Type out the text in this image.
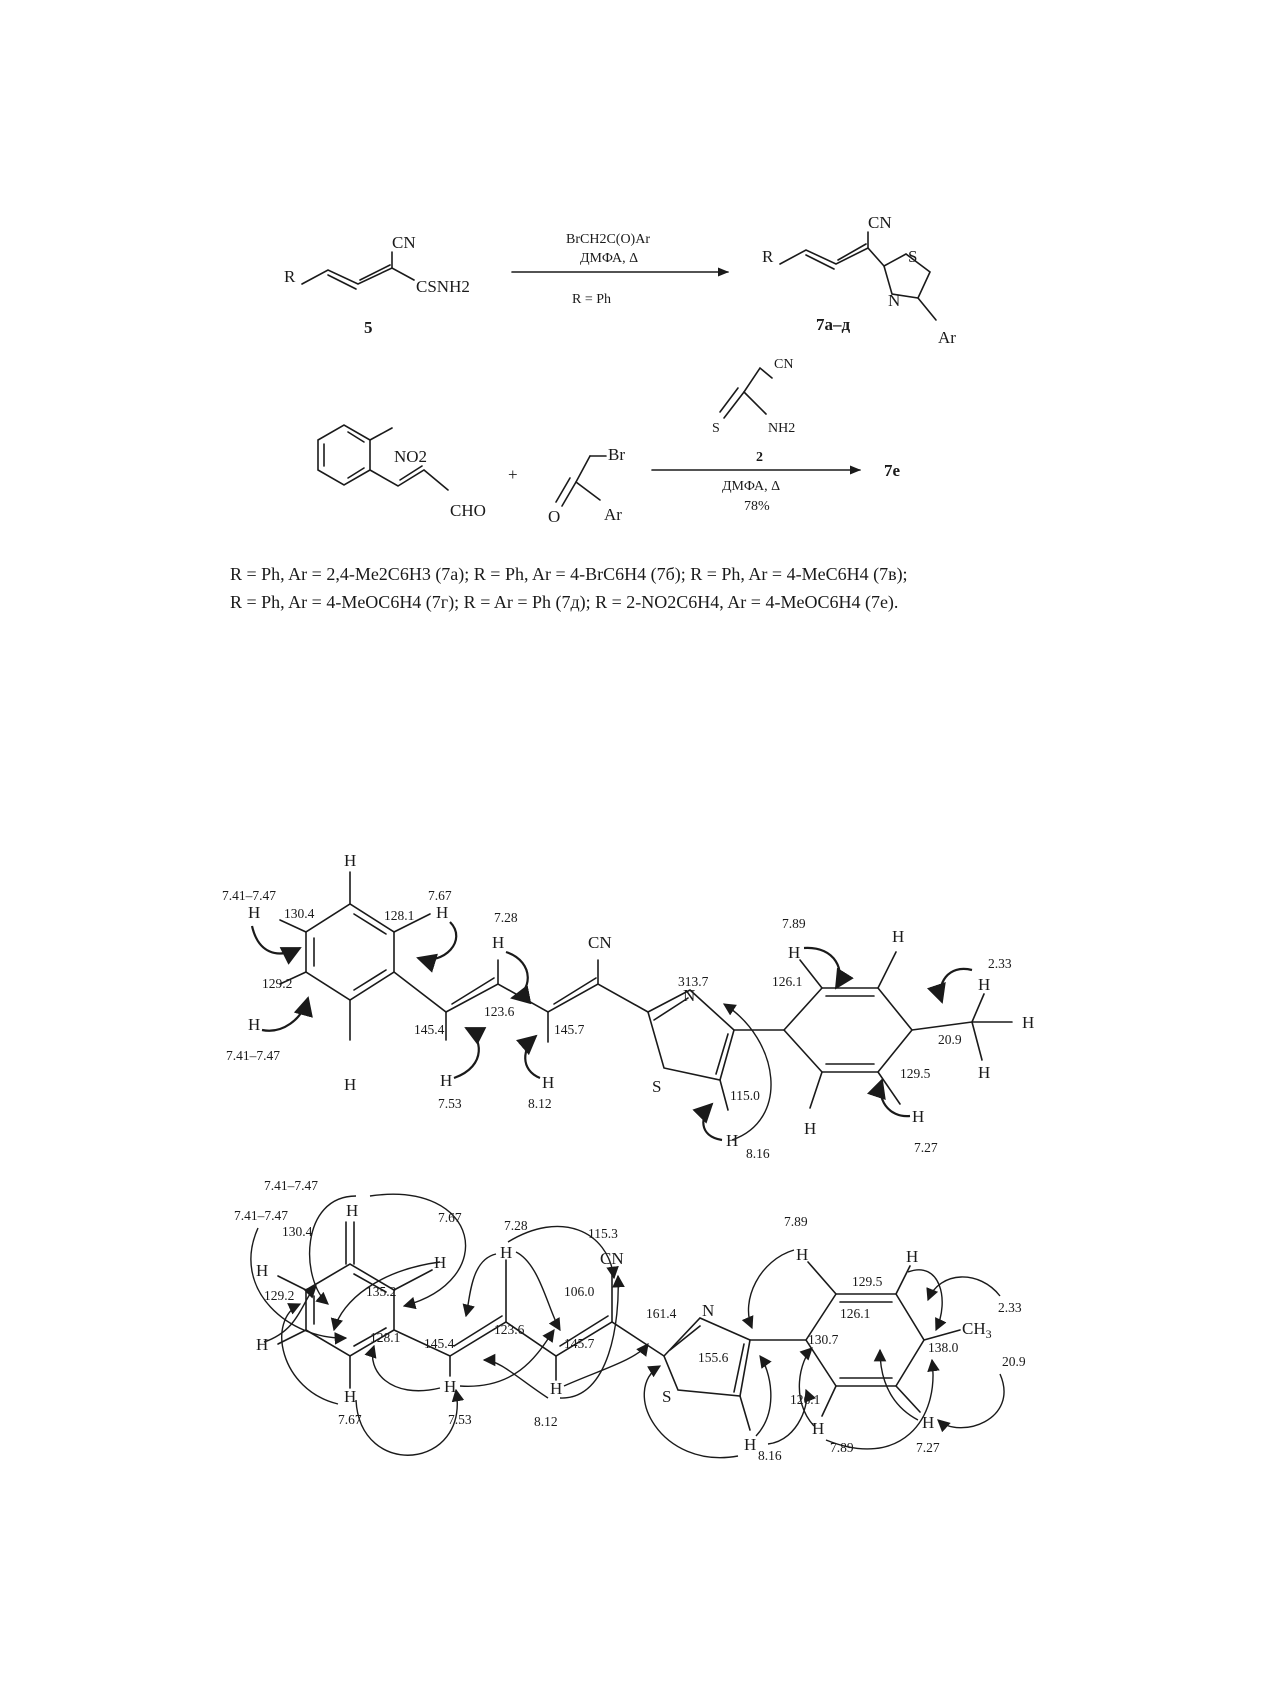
R
CN
CSNH2
5
BrCH2C(O)Ar
ДМФА, Δ
R = Ph
R
CN
S
N
Ar
7а–д
NO2
CHO
+
Br
O	Ar
CN
S	NH2
2
ДМФА, Δ
78%
7е
H
H
H
H
H
H
H	H
CN
N
S
H
H
H
H
H
H
H
H
7.41–7.47
130.4	128.1
7.67
7.28	7.89
129.2
145.4
123.6
145.7
313.7	126.1
2.33
20.9
129.5
7.41–7.47
7.53	8.12
115.0
8.16	7.27
H
H
H
H
H
H
H	H
CN
N
S
H
H	H
H	H
$CH_3$
7.41–7.47
7.41–7.47
130.4
7.67
7.28
115.3
7.89
129.5
106.0
135.2
129.2
161.4	126.1
130.7
2.33
128.1 145.4
123.6
145.7
155.6
138.0
20.9
126.1
7.67	7.53	8.12
7.89	7.27
8.16
R = Ph, Ar = 2,4-Me2C6H3 (7а); R = Ph, Ar = 4-BrC6H4 (7б); R = Ph, Ar = 4-MeC6H4 (7в);
R = Ph, Ar = 4-MeOC6H4 (7г); R = Ar = Ph (7д); R = 2-NO2C6H4, Ar = 4-MeOC6H4 (7е).
